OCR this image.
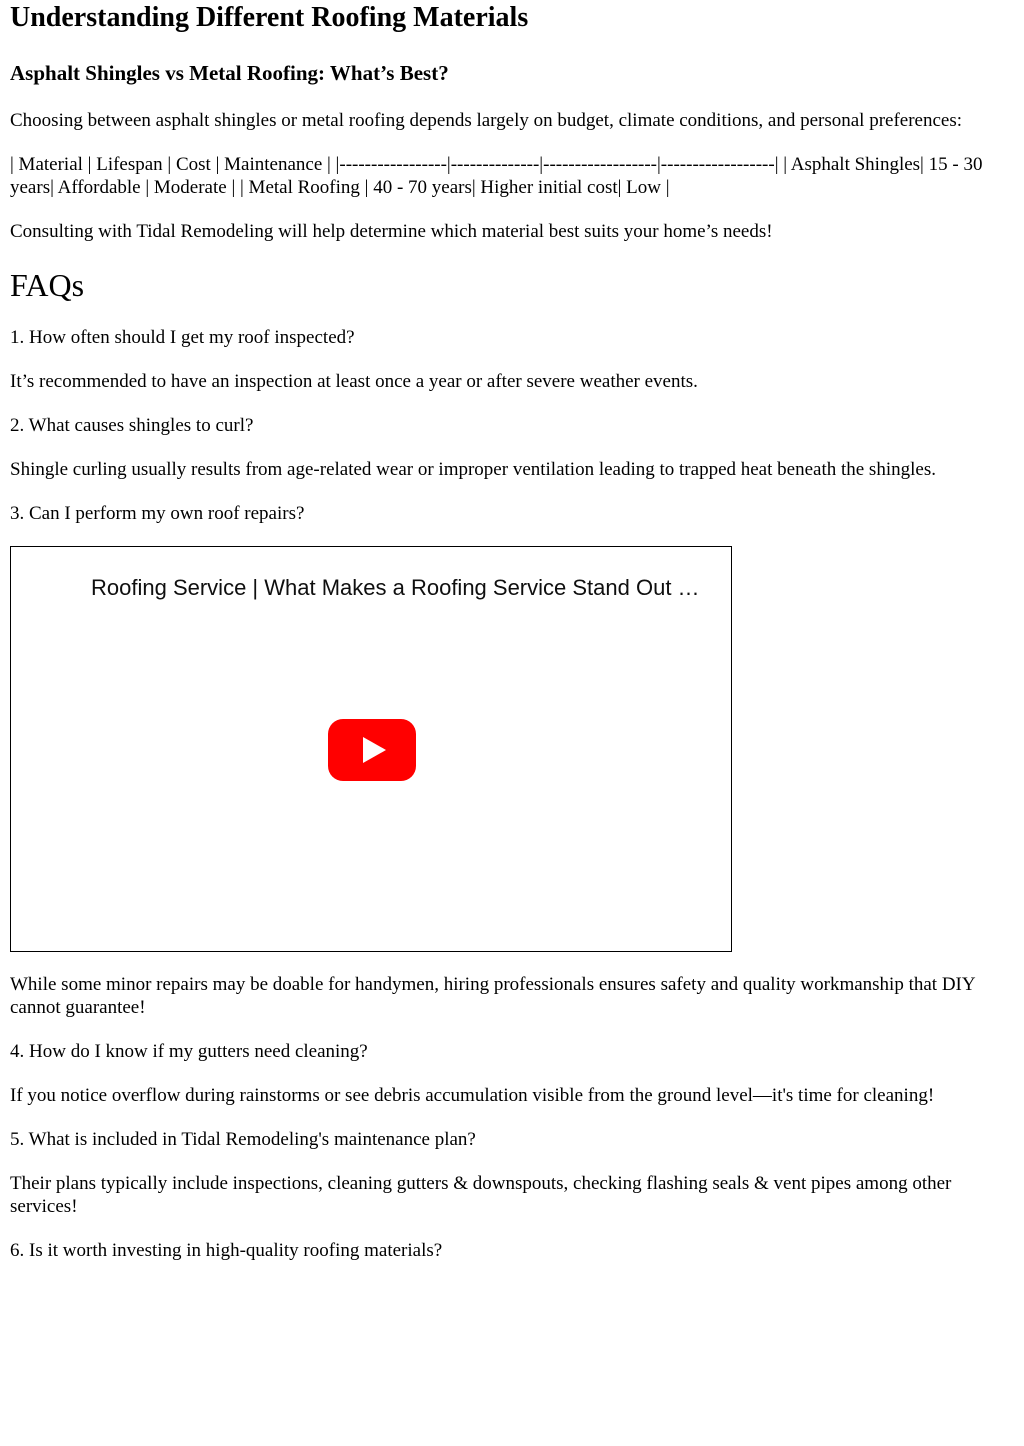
Understanding Different Roofing Materials
Asphalt Shingles vs Metal Roofing: What’s Best?

Choosing between asphalt shingles or metal roofing depends largely on budget, climate conditions, and personal preferences:

| Material | Lifespan | Cost | Maintenance | |-----------------|--------------|------------------|------------------| | Asphalt Shingles| 15 - 30 years| Affordable | Moderate | | Metal Roofing | 40 - 70 years| Higher initial cost| Low |

Consulting with Tidal Remodeling will help determine which material best suits your home’s needs!

FAQs

1. How often should I get my roof inspected?

It’s recommended to have an inspection at least once a year or after severe weather events.

2. What causes shingles to curl?

Shingle curling usually results from age-related wear or improper ventilation leading to trapped heat beneath the shingles.

3. Can I perform my own roof repairs?

Roofing Service | What Makes a Roofing Service Stand Out …

While some minor repairs may be doable for handymen, hiring professionals ensures safety and quality workmanship that DIY cannot guarantee!

4. How do I know if my gutters need cleaning?

If you notice overflow during rainstorms or see debris accumulation visible from the ground level—it's time for cleaning!

5. What is included in Tidal Remodeling's maintenance plan?

Their plans typically include inspections, cleaning gutters & downspouts, checking flashing seals & vent pipes among other services!

6. Is it worth investing in high-quality roofing materials?
